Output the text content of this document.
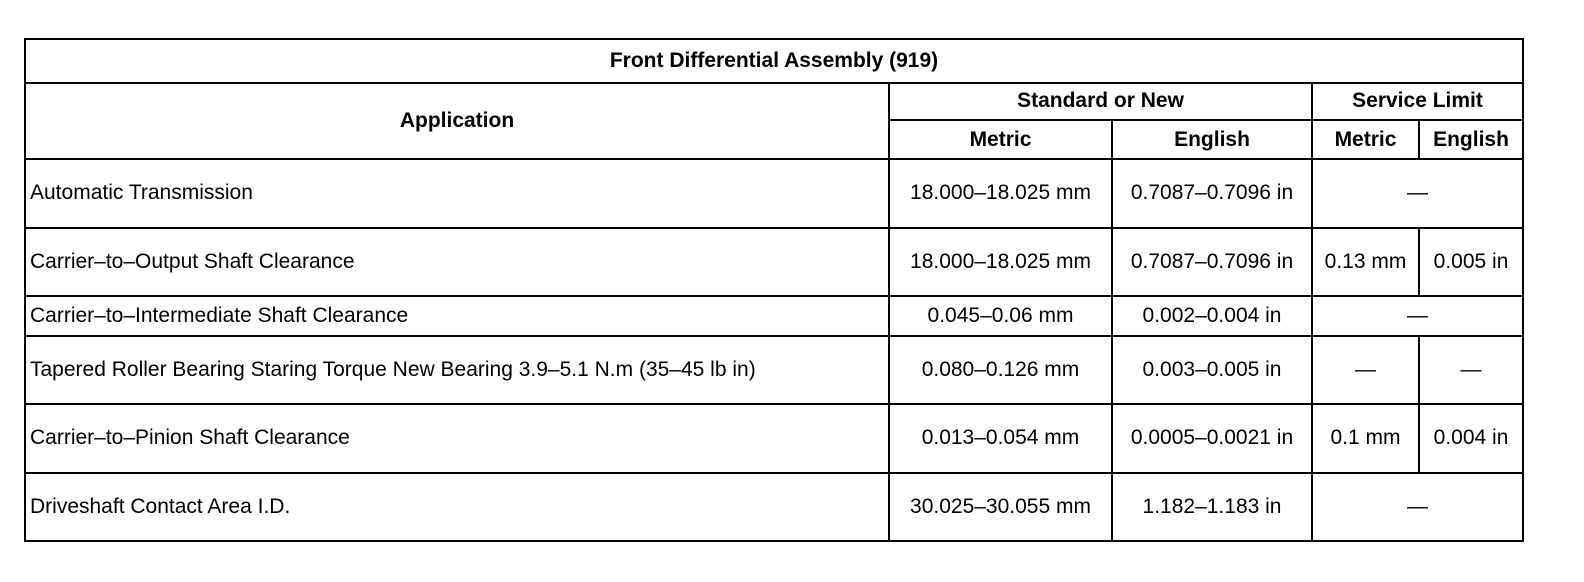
Front Differential Assembly (919)				
Application	Standard or New		Service Limit	
	Metric	English	Metric	English
Automatic Transmission	18.000–18.025 mm	0.7087–0.7096 in	—	
Carrier–to–Output Shaft Clearance	18.000–18.025 mm	0.7087–0.7096 in	0.13 mm	0.005 in
Carrier–to–Intermediate Shaft Clearance	0.045–0.06 mm	0.002–0.004 in	—	
Tapered Roller Bearing Staring Torque New Bearing 3.9–5.1 N.m (35–45 lb in)	0.080–0.126 mm	0.003–0.005 in	—	—
Carrier–to–Pinion Shaft Clearance	0.013–0.054 mm	0.0005–0.0021 in	0.1 mm	0.004 in
Driveshaft Contact Area I.D.	30.025–30.055 mm	1.182–1.183 in	—	
